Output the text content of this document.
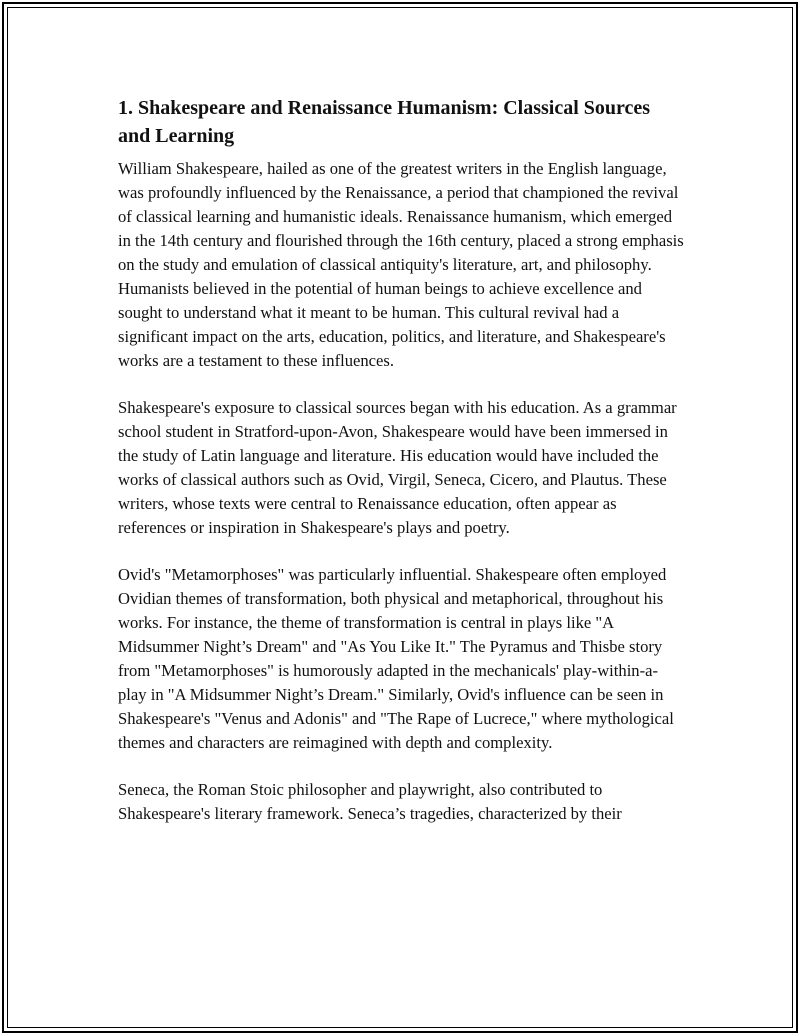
1. Shakespeare and Renaissance Humanism: Classical Sources and Learning

William Shakespeare, hailed as one of the greatest writers in the English language, was profoundly influenced by the Renaissance, a period that championed the revival of classical learning and humanistic ideals. Renaissance humanism, which emerged in the 14th century and flourished through the 16th century, placed a strong emphasis on the study and emulation of classical antiquity's literature, art, and philosophy. Humanists believed in the potential of human beings to achieve excellence and sought to understand what it meant to be human. This cultural revival had a significant impact on the arts, education, politics, and literature, and Shakespeare's works are a testament to these influences.

Shakespeare's exposure to classical sources began with his education. As a grammar school student in Stratford-upon-Avon, Shakespeare would have been immersed in the study of Latin language and literature. His education would have included the works of classical authors such as Ovid, Virgil, Seneca, Cicero, and Plautus. These writers, whose texts were central to Renaissance education, often appear as references or inspiration in Shakespeare's plays and poetry.

Ovid's "Metamorphoses" was particularly influential. Shakespeare often employed Ovidian themes of transformation, both physical and metaphorical, throughout his works. For instance, the theme of transformation is central in plays like "A Midsummer Night’s Dream" and "As You Like It." The Pyramus and Thisbe story from "Metamorphoses" is humorously adapted in the mechanicals' play-within-a-play in "A Midsummer Night’s Dream." Similarly, Ovid's influence can be seen in Shakespeare's "Venus and Adonis" and "The Rape of Lucrece," where mythological themes and characters are reimagined with depth and complexity.

Seneca, the Roman Stoic philosopher and playwright, also contributed to Shakespeare's literary framework. Seneca’s tragedies, characterized by their
